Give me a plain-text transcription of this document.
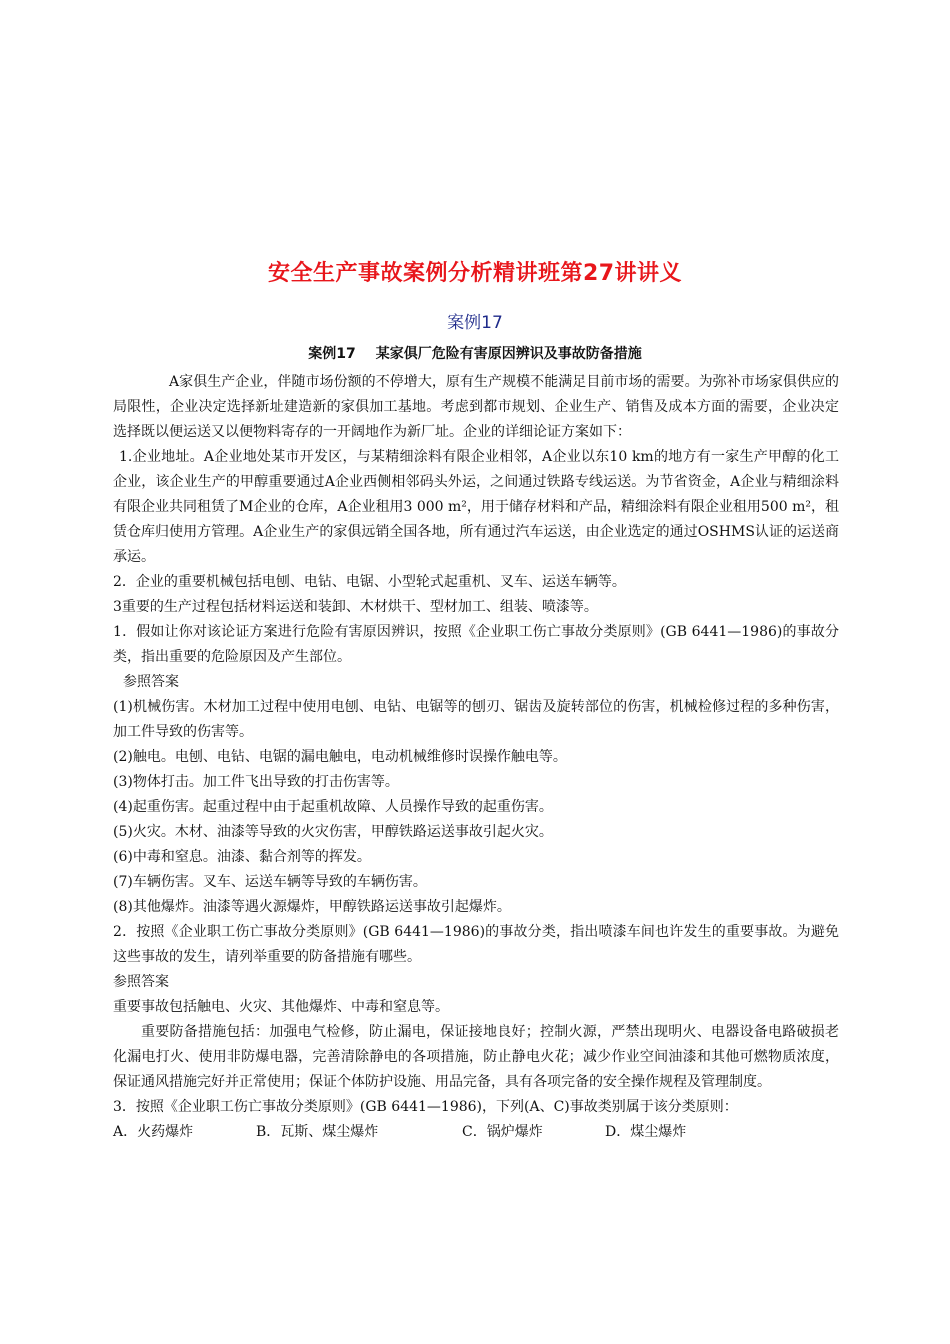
安全生产事故案例分析精讲班第27讲讲义
案例17
案例17 某家俱厂危险有害原因辨识及事故防备措施

A家俱生产企业，伴随市场份额的不停增大，原有生产规模不能满足目前市场的需要。为弥补市场家俱供应的局限性，企业决定选择新址建造新的家俱加工基地。考虑到都市规划、企业生产、销售及成本方面的需要，企业决定选择既以便运送又以便物料寄存的一开阔地作为新厂址。企业的详细论证方案如下：

1.企业地址。A企业地处某市开发区，与某精细涂料有限企业相邻，A企业以东10 km的地方有一家生产甲醇的化工企业，该企业生产的甲醇重要通过A企业西侧相邻码头外运，之间通过铁路专线运送。为节省资金，A企业与精细涂料有限企业共同租赁了M企业的仓库，A企业租用3 000 m²，用于储存材料和产品，精细涂料有限企业租用500 m²，租赁仓库归使用方管理。A企业生产的家俱远销全国各地，所有通过汽车运送，由企业选定的通过OSHMS认证的运送商承运。

2．企业的重要机械包括电刨、电钻、电锯、小型轮式起重机、叉车、运送车辆等。

3重要的生产过程包括材料运送和装卸、木材烘干、型材加工、组装、喷漆等。

1．假如让你对该论证方案进行危险有害原因辨识，按照《企业职工伤亡事故分类原则》(GB 6441—1986)的事故分类，指出重要的危险原因及产生部位。

参照答案

(1)机械伤害。木材加工过程中使用电刨、电钻、电锯等的刨刃、锯齿及旋转部位的伤害，机械检修过程的多种伤害，加工件导致的伤害等。

(2)触电。电刨、电钻、电锯的漏电触电，电动机械维修时误操作触电等。

(3)物体打击。加工件飞出导致的打击伤害等。

(4)起重伤害。起重过程中由于起重机故障、人员操作导致的起重伤害。

(5)火灾。木材、油漆等导致的火灾伤害，甲醇铁路运送事故引起火灾。

(6)中毒和窒息。油漆、黏合剂等的挥发。

(7)车辆伤害。叉车、运送车辆等导致的车辆伤害。

(8)其他爆炸。油漆等遇火源爆炸，甲醇铁路运送事故引起爆炸。

2．按照《企业职工伤亡事故分类原则》(GB 6441—1986)的事故分类，指出喷漆车间也许发生的重要事故。为避免这些事故的发生，请列举重要的防备措施有哪些。

参照答案

重要事故包括触电、火灾、其他爆炸、中毒和窒息等。

重要防备措施包括：加强电气检修，防止漏电，保证接地良好；控制火源，严禁出现明火、电器设备电路破损老化漏电打火、使用非防爆电器，完善清除静电的各项措施，防止静电火花；减少作业空间油漆和其他可燃物质浓度，保证通风措施完好并正常使用；保证个体防护设施、用品完备，具有各项完备的安全操作规程及管理制度。

3．按照《企业职工伤亡事故分类原则》(GB 6441—1986)，下列(A、C)事故类别属于该分类原则：

A．火药爆炸	B．瓦斯、煤尘爆炸	C．锅炉爆炸	D．煤尘爆炸
